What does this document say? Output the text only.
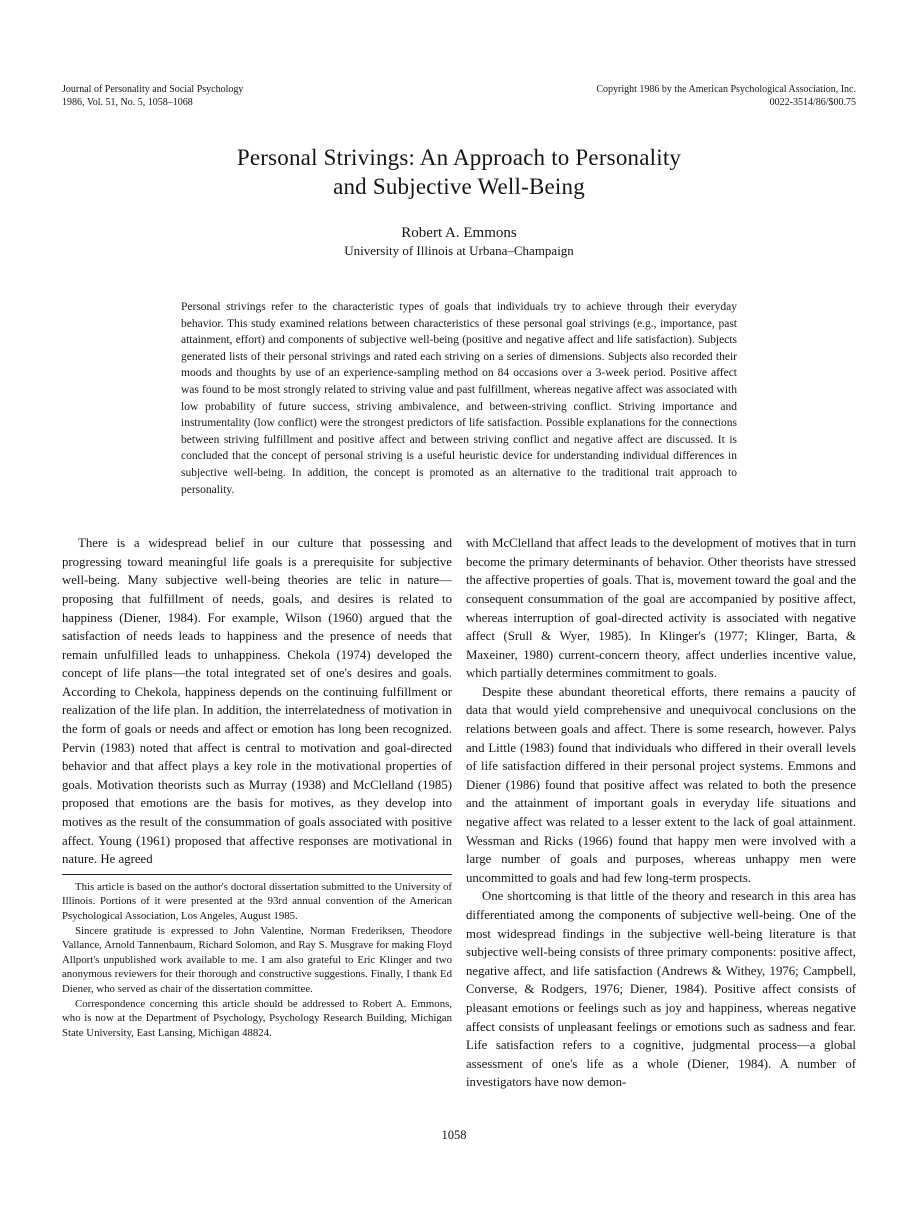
Journal of Personality and Social Psychology
1986, Vol. 51, No. 5, 1058–1068
Copyright 1986 by the American Psychological Association, Inc.
0022-3514/86/$00.75
Personal Strivings: An Approach to Personality
and Subjective Well-Being
Robert A. Emmons
University of Illinois at Urbana–Champaign
Personal strivings refer to the characteristic types of goals that individuals try to achieve through their everyday behavior. This study examined relations between characteristics of these personal goal strivings (e.g., importance, past attainment, effort) and components of subjective well-being (positive and negative affect and life satisfaction). Subjects generated lists of their personal strivings and rated each striving on a series of dimensions. Subjects also recorded their moods and thoughts by use of an experience-sampling method on 84 occasions over a 3-week period. Positive affect was found to be most strongly related to striving value and past fulfillment, whereas negative affect was associated with low probability of future success, striving ambivalence, and between-striving conflict. Striving importance and instrumentality (low conflict) were the strongest predictors of life satisfaction. Possible explanations for the connections between striving fulfillment and positive affect and between striving conflict and negative affect are discussed. It is concluded that the concept of personal striving is a useful heuristic device for understanding individual differences in subjective well-being. In addition, the concept is promoted as an alternative to the traditional trait approach to personality.

There is a widespread belief in our culture that possessing and progressing toward meaningful life goals is a prerequisite for subjective well-being. Many subjective well-being theories are telic in nature—proposing that fulfillment of needs, goals, and desires is related to happiness (Diener, 1984). For example, Wilson (1960) argued that the satisfaction of needs leads to happiness and the presence of needs that remain unfulfilled leads to unhappiness. Chekola (1974) developed the concept of life plans—the total integrated set of one's desires and goals. According to Chekola, happiness depends on the continuing fulfillment or realization of the life plan. In addition, the interrelatedness of motivation in the form of goals or needs and affect or emotion has long been recognized. Pervin (1983) noted that affect is central to motivation and goal-directed behavior and that affect plays a key role in the motivational properties of goals. Motivation theorists such as Murray (1938) and McClelland (1985) proposed that emotions are the basis for motives, as they develop into motives as the result of the consummation of goals associated with positive affect. Young (1961) proposed that affective responses are motivational in nature. He agreed

This article is based on the author's doctoral dissertation submitted to the University of Illinois. Portions of it were presented at the 93rd annual convention of the American Psychological Association, Los Angeles, August 1985.

Sincere gratitude is expressed to John Valentine, Norman Frederiksen, Theodore Vallance, Arnold Tannenbaum, Richard Solomon, and Ray S. Musgrave for making Floyd Allport's unpublished work available to me. I am also grateful to Eric Klinger and two anonymous reviewers for their thorough and constructive suggestions. Finally, I thank Ed Diener, who served as chair of the dissertation committee.

Correspondence concerning this article should be addressed to Robert A. Emmons, who is now at the Department of Psychology, Psychology Research Building, Michigan State University, East Lansing, Michigan 48824.

with McClelland that affect leads to the development of motives that in turn become the primary determinants of behavior. Other theorists have stressed the affective properties of goals. That is, movement toward the goal and the consequent consummation of the goal are accompanied by positive affect, whereas interruption of goal-directed activity is associated with negative affect (Srull & Wyer, 1985). In Klinger's (1977; Klinger, Barta, & Maxeiner, 1980) current-concern theory, affect underlies incentive value, which partially determines commitment to goals.

Despite these abundant theoretical efforts, there remains a paucity of data that would yield comprehensive and unequivocal conclusions on the relations between goals and affect. There is some research, however. Palys and Little (1983) found that individuals who differed in their overall levels of life satisfaction differed in their personal project systems. Emmons and Diener (1986) found that positive affect was related to both the presence and the attainment of important goals in everyday life situations and negative affect was related to a lesser extent to the lack of goal attainment. Wessman and Ricks (1966) found that happy men were involved with a large number of goals and purposes, whereas unhappy men were uncommitted to goals and had few long-term prospects.

One shortcoming is that little of the theory and research in this area has differentiated among the components of subjective well-being. One of the most widespread findings in the subjective well-being literature is that subjective well-being consists of three primary components: positive affect, negative affect, and life satisfaction (Andrews & Withey, 1976; Campbell, Converse, & Rodgers, 1976; Diener, 1984). Positive affect consists of pleasant emotions or feelings such as joy and happiness, whereas negative affect consists of unpleasant feelings or emotions such as sadness and fear. Life satisfaction refers to a cognitive, judgmental process—a global assessment of one's life as a whole (Diener, 1984). A number of investigators have now demon-

1058
